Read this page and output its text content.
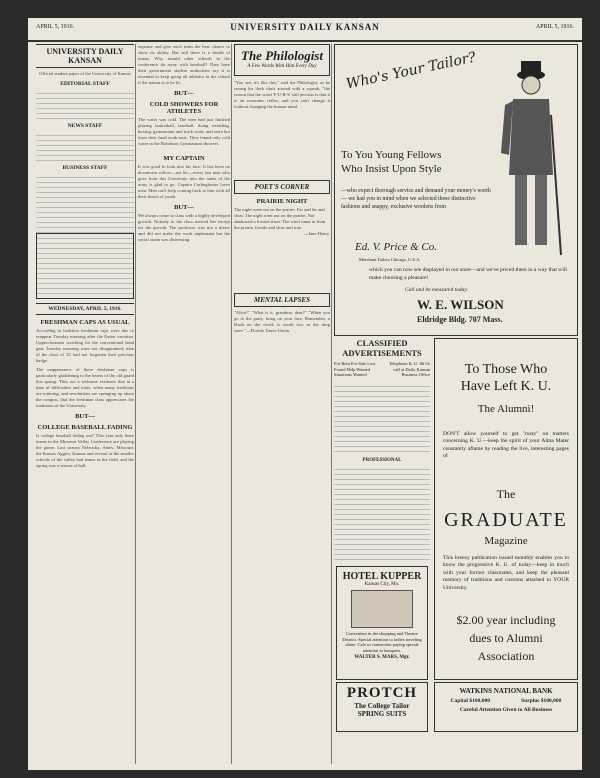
APRIL 5, 1916.	UNIVERSITY DAILY KANSAN	APRIL 5, 1916.
UNIVERSITY DAILY KANSAN
Official student paper of the University of Kansas
EDITORIAL STAFF
NEWS STAFF
BUSINESS STAFF
WEDNESDAY, APRIL 5, 1916.
FRESHMAN CAPS AS USUAL
According to tradition freshman caps were due to reappear Tuesday morning after the Easter vacation. Upperclassmen watching for the conventional head gear Tuesday morning were not disappointed; men of the class of '21 had not forgotten their precious badge.
The reappearance of these freshman caps is particularly gladdening to the hearts of the old guard this spring. They are a welcome evidence that in a time of difficulties and trials, when many traditions are tottering, and revolutions are springing up about the campus, that the freshman class appreciates the traditions of the University.
BUT—
COLLEGE BASEBALL FADING
Is college baseball fading out? This year only three teams in the Missouri Valley Conference are playing the game. Last season Nebraska, Ames, Missouri, the Kansas Aggies, Kansas and several of the smaller schools of the valley had teams in the field, and the spring was a season of ball.
expense and give each team the best chance to show its ability. But still there is a dearth of teams. Why should other schools in the conference do away with baseball? They have their government student authorities say it is essential to keep going all athletics in the school if the nation is to be fit.
BUT—
COLD SHOWERS FOR ATHLETES
The water was cold. The men had just finished playing basketball, baseball, doing wrestling, boxing, gymnasium and track work, and were hot from their hard work-outs. They found only cold water in the Robinson Gymnasium showers.
MY CAPTAIN
It was good to look into his face. It has been no downtown officer—not he,—every last man who goes from this University into the ranks of the army is glad to go. Captain Carlinghouse loves men. Men can't help coming back to him with all their hearts of youth.
BUT—
We always come to class with a highly developed growth. Nobody in the class noticed her except for the growth. The professor was not a driver and did not make the work unpleasant but the social strain was distressing.
The Philologist
A Few Words With Him Every Day
"You see, it's like this," said the Philologist, as he swung his desk chair around with a squeak, "the reason that the word 'F-U-R-S' still persists is that it is an economic reflex, and you can't change it without changing the human mind.
POET'S CORNER
PRAIRIE NIGHT
The night went out on the prairie, Far and far and clear. The night went out on the prairie, Nor shadowed a frosted sheer. The wind came in from the prairie, Gentle and slow and true.
—Jane Henry.
MENTAL LAPSES
"Alice?" "What is it, grandma, dear?" "When you go to the party, bring on your face. Remember, a blush on the cheek is worth two in the drug store."—Florida Times-Union.
Who's Your Tailor?
To You Young Fellows
Who Insist Upon Style
—who expect thorough service and demand your money's worth— we had you in mind when we selected these distinctive fashions and snappy, exclusive woolens from
Ed. V. Price & Co.
Merchant Tailors Chicago, U.S.A.
which you can now see displayed in our store—and we've priced them in a way that will make choosing a pleasure!
Call and be measured today.
W. E. WILSON
Eldridge Bldg. 707 Mass.
CLASSIFIED ADVERTISEMENTS
For Rent For Sale Lost Found Help Wanted Situations Wanted
Telephone K. U. 66 Or call at Daily Kansan Business Office
PROFESSIONAL
To Those Who
Have Left K. U.
The Alumni!
DON'T allow yourself to get "rusty" on matters concerning K. U.—keep the spirit of your Alma Mater constantly aflame by reading the live, interesting pages of
The
GRADUATE
Magazine
This breezy publication issued monthly enables you to know the progressive K. U. of today—keep in touch with your former classmates, and keep the pleasant memory of traditions and customs attached to YOUR University.
$2.00 year including
dues to Alumni
Association
HOTEL KUPPER
Kansas City, Mo.
Convenient to the shopping and Theatre District. Special attention to ladies traveling alone. Cafe in connection paying special attention to banquets.
WALTER S. MARS, Mgr.
PROTCH
The College Tailor
SPRING SUITS
WATKINS NATIONAL BANK
Capital $100,000	Surplus $100,000
Careful Attention Given to All Business
